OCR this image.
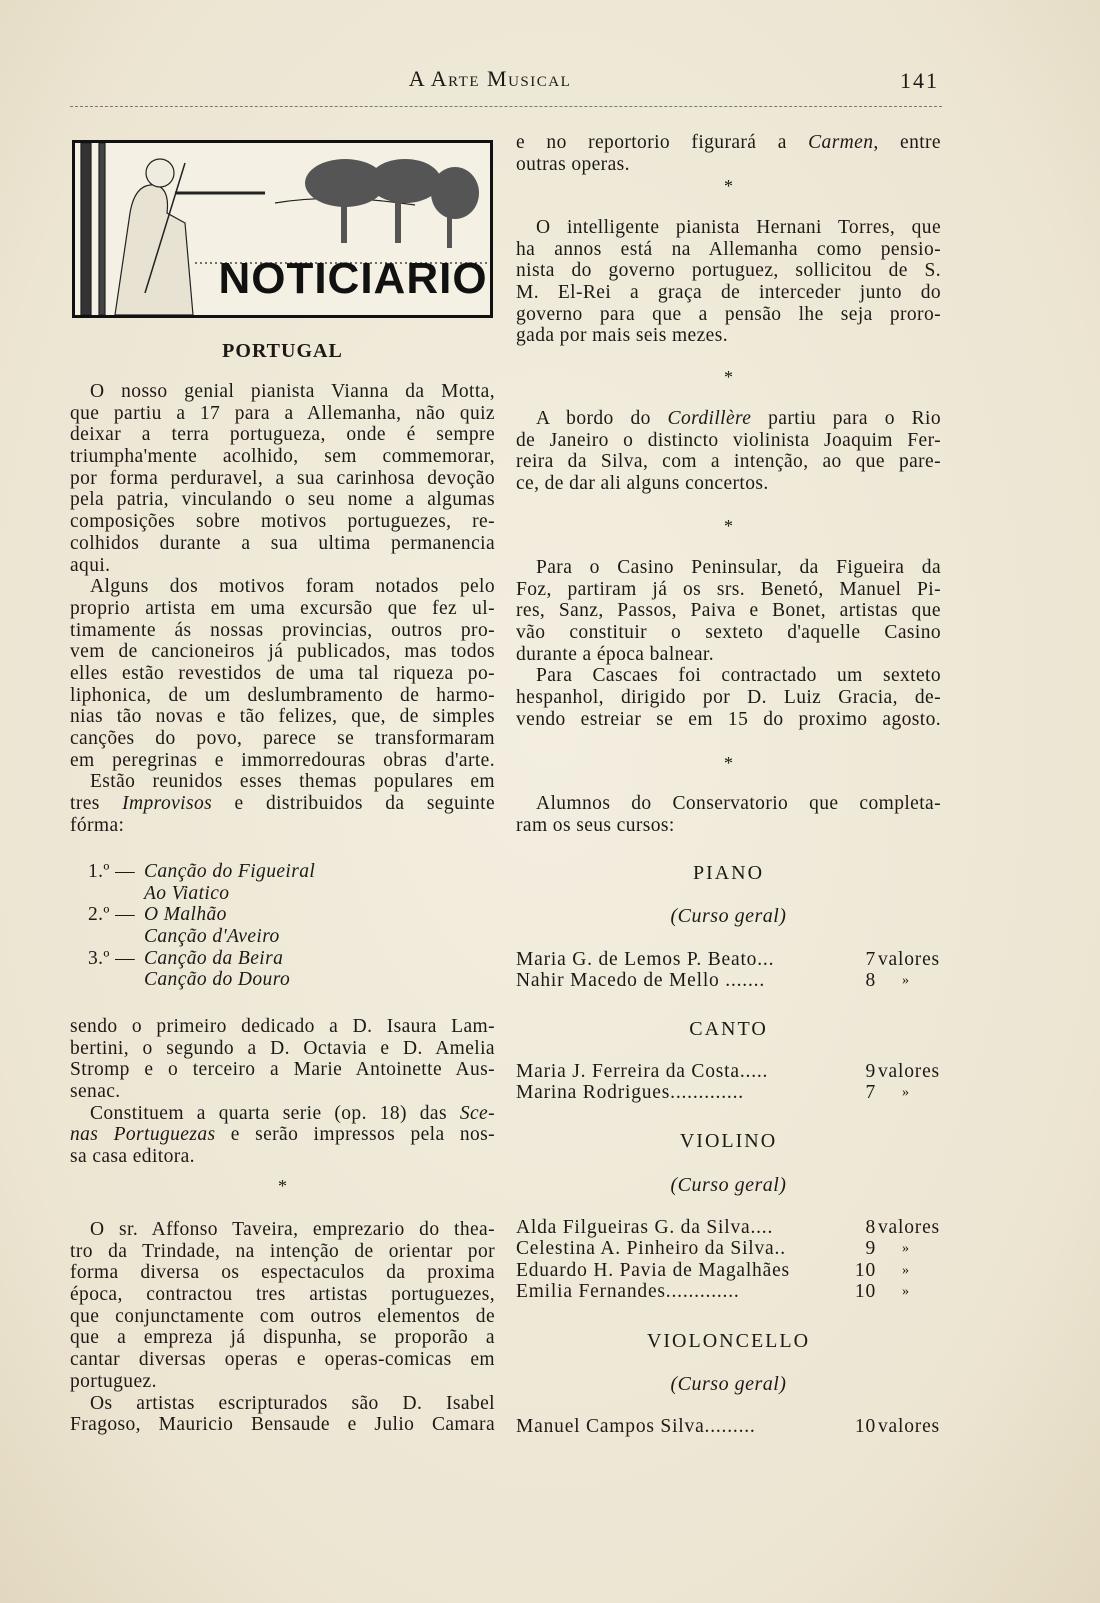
A Arte Musical	141
NOTICIARIO
PORTUGAL
O nosso genial pianista Vianna da Motta,
que partiu a 17 para a Allemanha, não quiz
deixar a terra portugueza, onde é sempre
triumpha'mente acolhido, sem commemorar,
por forma perduravel, a sua carinhosa devoção
pela patria, vinculando o seu nome a algumas
composições sobre motivos portuguezes, re-
colhidos durante a sua ultima permanencia
aqui.
Alguns dos motivos foram notados pelo
proprio artista em uma excursão que fez ul-
timamente ás nossas provincias, outros pro-
vem de cancioneiros já publicados, mas todos
elles estão revestidos de uma tal riqueza po-
liphonica, de um deslumbramento de harmo-
nias tão novas e tão felizes, que, de simples
canções do povo, parece se transformaram
em peregrinas e immorredouras obras d'arte.
Estão reunidos esses themas populares em
tres Improvisos e distribuidos da seguinte
fórma:
1.º —Canção do Figueiral
Ao Viatico
2.º —O Malhão
Canção d'Aveiro
3.º —Canção da Beira
Canção do Douro
sendo o primeiro dedicado a D. Isaura Lam-
bertini, o segundo a D. Octavia e D. Amelia
Stromp e o terceiro a Marie Antoinette Aus-
senac.
Constituem a quarta serie (op. 18) das Sce-
nas Portuguezas e serão impressos pela nos-
sa casa editora.
*
O sr. Affonso Taveira, emprezario do thea-
tro da Trindade, na intenção de orientar por
forma diversa os espectaculos da proxima
época, contractou tres artistas portuguezes,
que conjunctamente com outros elementos de
que a empreza já dispunha, se proporão a
cantar diversas operas e operas-comicas em
portuguez.
Os artistas escripturados são D. Isabel
Fragoso, Mauricio Bensaude e Julio Camara
e no reportorio figurará a Carmen, entre
outras operas.
*
O intelligente pianista Hernani Torres, que
ha annos está na Allemanha como pensio-
nista do governo portuguez, sollicitou de S.
M. El-Rei a graça de interceder junto do
governo para que a pensão lhe seja proro-
gada por mais seis mezes.
*
A bordo do Cordillère partiu para o Rio
de Janeiro o distincto violinista Joaquim Fer-
reira da Silva, com a intenção, ao que pare-
ce, de dar ali alguns concertos.
*
Para o Casino Peninsular, da Figueira da
Foz, partiram já os srs. Benetó, Manuel Pi-
res, Sanz, Passos, Paiva e Bonet, artistas que
vão constituir o sexteto d'aquelle Casino
durante a época balnear.
Para Cascaes foi contractado um sexteto
hespanhol, dirigido por D. Luiz Gracia, de-
vendo estreiar se em 15 do proximo agosto.
*
Alumnos do Conservatorio que completa-
ram os seus cursos:
PIANO
(Curso geral)
Maria G. de Lemos P. Beato...	7 valores
Nahir Macedo de Mello .......	8 »
CANTO
Maria J. Ferreira da Costa.....	9 valores
Marina Rodrigues.............	7 »
VIOLINO
(Curso geral)
Alda Filgueiras G. da Silva....	8 valores
Celestina A. Pinheiro da Silva..	9 »
Eduardo H. Pavia de Magalhães	10 »
Emilia Fernandes.............	10 »
VIOLONCELLO
(Curso geral)
Manuel Campos Silva.........	10 valores
